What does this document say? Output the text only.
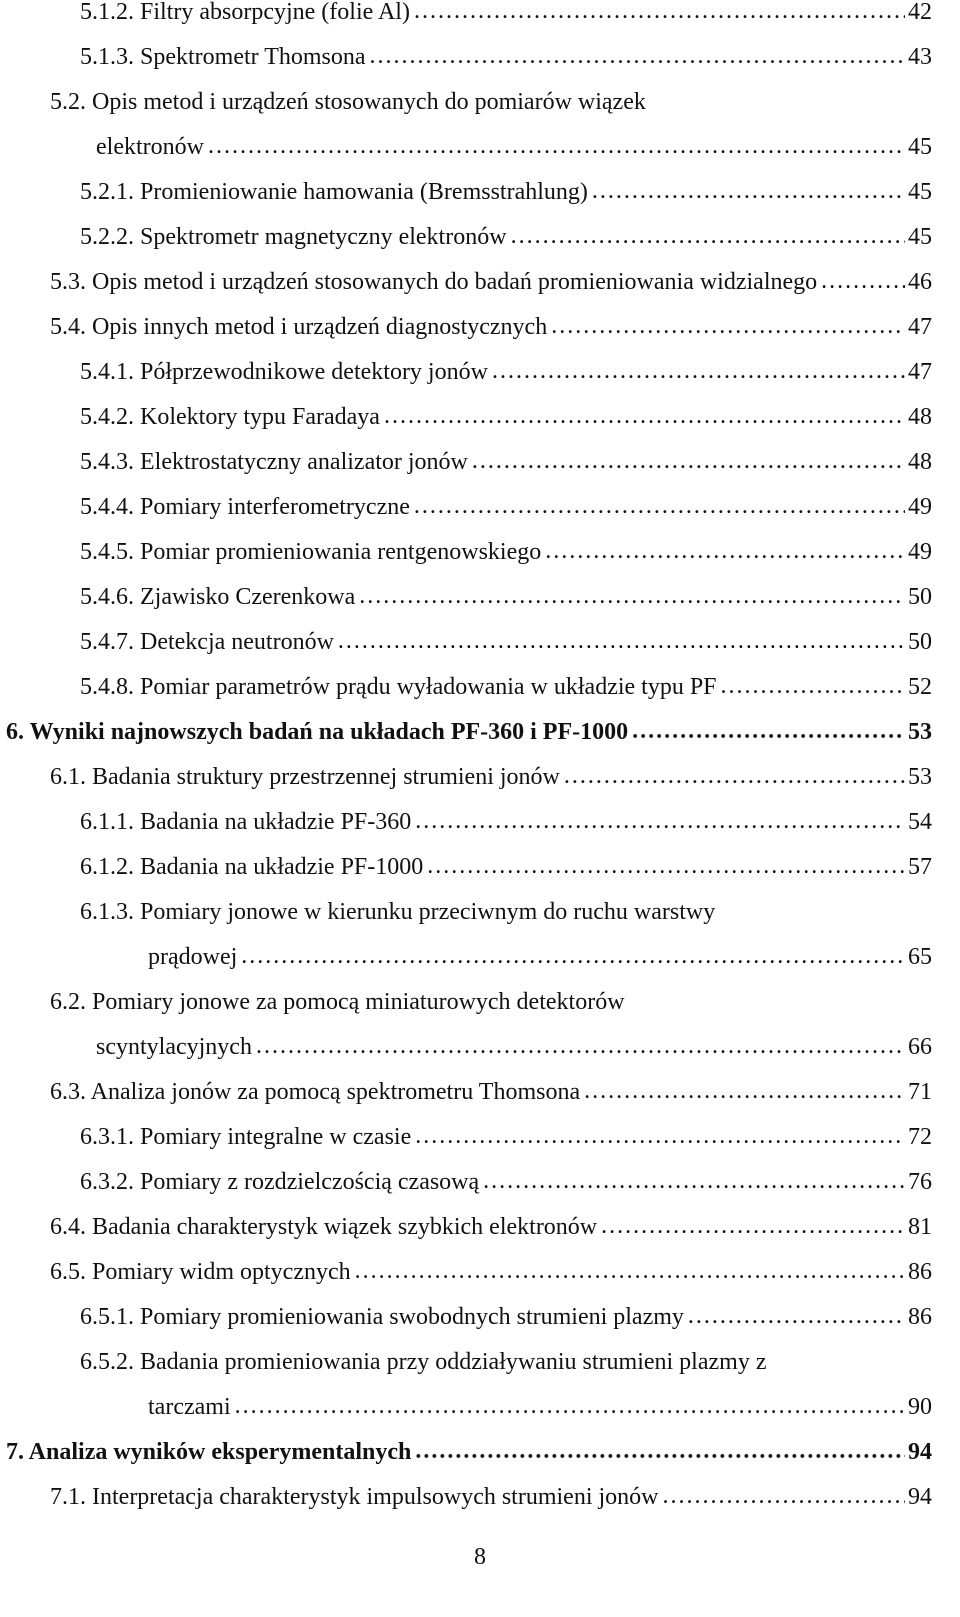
5.1.2. Filtry absorpcyjne (folie Al) . . .	42
5.1.3. Spektrometr Thomsona . . .	43
5.2. Opis metod i urządzeń stosowanych do pomiarów wiązek
elektronów . . .	45
5.2.1. Promieniowanie hamowania (Bremsstrahlung) . . .	45
5.2.2. Spektrometr magnetyczny elektronów . . .	45
5.3. Opis metod i urządzeń stosowanych do badań promieniowania widzialnego . . .	46
5.4. Opis innych metod i urządzeń diagnostycznych . . .	47
5.4.1. Półprzewodnikowe detektory jonów . . .	47
5.4.2. Kolektory typu Faradaya . . .	48
5.4.3. Elektrostatyczny analizator jonów . . .	48
5.4.4. Pomiary interferometryczne . . .	49
5.4.5. Pomiar promieniowania rentgenowskiego . . .	49
5.4.6. Zjawisko Czerenkowa . . .	50
5.4.7. Detekcja neutronów . . .	50
5.4.8. Pomiar parametrów prądu wyładowania w układzie typu PF . . .	52
6. Wyniki najnowszych badań na układach PF-360 i PF-1000 . . .	53
6.1. Badania struktury przestrzennej strumieni jonów . . .	53
6.1.1. Badania na układzie PF-360 . . .	54
6.1.2. Badania na układzie PF-1000 . . .	57
6.1.3. Pomiary jonowe w kierunku przeciwnym do ruchu warstwy
prądowej . . .	65
6.2. Pomiary jonowe za pomocą miniaturowych detektorów
scyntylacyjnych . . .	66
6.3. Analiza jonów za pomocą spektrometru Thomsona . . .	71
6.3.1. Pomiary integralne w czasie . . .	72
6.3.2. Pomiary z rozdzielczością czasową . . .	76
6.4. Badania charakterystyk wiązek szybkich elektronów . . .	81
6.5. Pomiary widm optycznych . . .	86
6.5.1. Pomiary promieniowania swobodnych strumieni plazmy . . .	86
6.5.2. Badania promieniowania przy oddziaływaniu strumieni plazmy z
tarczami . . .	90
7. Analiza wyników eksperymentalnych . . .	94
7.1. Interpretacja charakterystyk impulsowych strumieni jonów . . .	94
8
